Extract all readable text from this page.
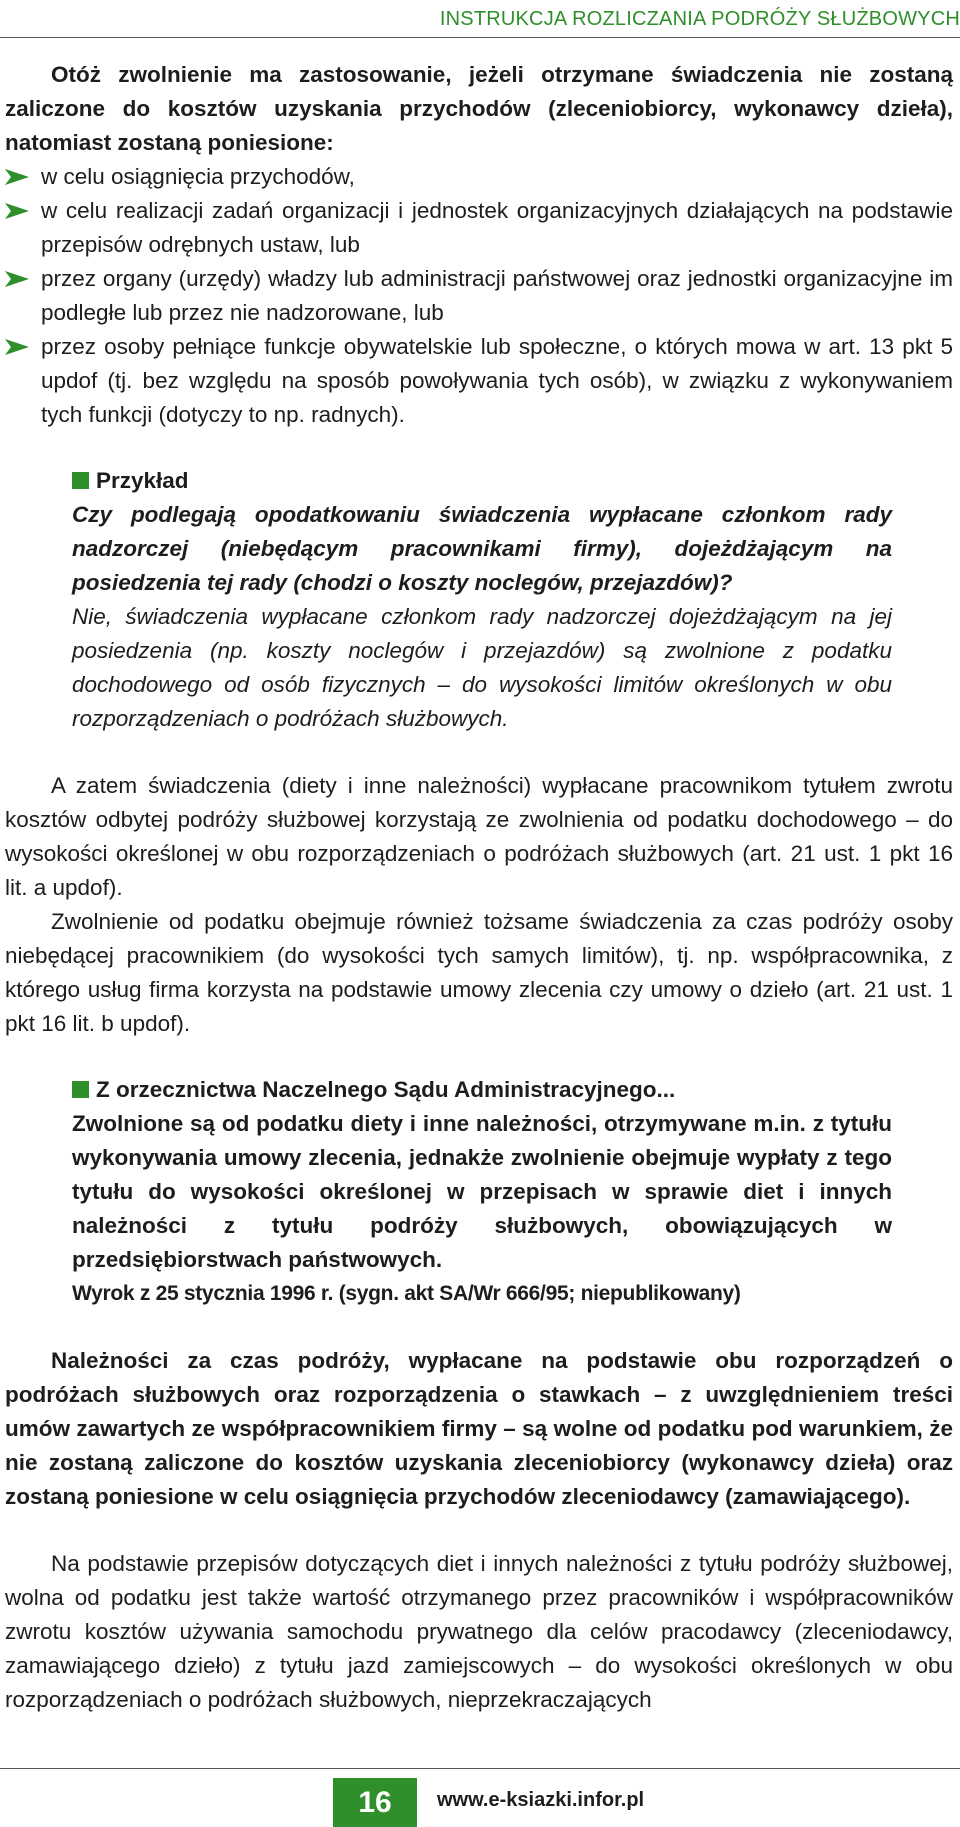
INSTRUKCJA ROZLICZANIA PODRÓŻY SŁUŻBOWYCH

Otóż zwolnienie ma zastosowanie, jeżeli otrzymane świadczenia nie zostaną zaliczone do kosztów uzyskania przychodów (zleceniobiorcy, wykonawcy dzieła), natomiast zostaną poniesione:

w celu osiągnięcia przychodów,
w celu realizacji zadań organizacji i jednostek organizacyjnych działających na podstawie przepisów odrębnych ustaw, lub
przez organy (urzędy) władzy lub administracji państwowej oraz jednostki organizacyjne im podległe lub przez nie nadzorowane, lub
przez osoby pełniące funkcje obywatelskie lub społeczne, o których mowa w art. 13 pkt 5 updof (tj. bez względu na sposób powoływania tych osób), w związku z wykonywaniem tych funkcji (dotyczy to np. radnych).
Przykład

Czy podlegają opodatkowaniu świadczenia wypłacane członkom rady nadzorczej (niebędącym pracownikami firmy), dojeżdżającym na posiedzenia tej rady (chodzi o koszty noclegów, przejazdów)?

Nie, świadczenia wypłacane członkom rady nadzorczej dojeżdżającym na jej posiedzenia (np. koszty noclegów i przejazdów) są zwolnione z podatku dochodowego od osób fizycznych – do wysokości limitów określonych w obu rozporządzeniach o podróżach służbowych.

A zatem świadczenia (diety i inne należności) wypłacane pracownikom tytułem zwrotu kosztów odbytej podróży służbowej korzystają ze zwolnienia od podatku dochodowego – do wysokości określonej w obu rozporządzeniach o podróżach służbowych (art. 21 ust. 1 pkt 16 lit. a updof).

Zwolnienie od podatku obejmuje również tożsame świadczenia za czas podróży osoby niebędącej pracownikiem (do wysokości tych samych limitów), tj. np. współpracownika, z którego usług firma korzysta na podstawie umowy zlecenia czy umowy o dzieło (art. 21 ust. 1 pkt 16 lit. b updof).

Z orzecznictwa Naczelnego Sądu Administracyjnego...

Zwolnione są od podatku diety i inne należności, otrzymywane m.in. z tytułu wykonywania umowy zlecenia, jednakże zwolnienie obejmuje wypłaty z tego tytułu do wysokości określonej w przepisach w sprawie diet i innych należności z tytułu podróży służbowych, obowiązujących w przedsiębiorstwach państwowych.

Wyrok z 25 stycznia 1996 r. (sygn. akt SA/Wr 666/95; niepublikowany)

Należności za czas podróży, wypłacane na podstawie obu rozporządzeń o podróżach służbowych oraz rozporządzenia o stawkach – z uwzględnieniem treści umów zawartych ze współpracownikiem firmy – są wolne od podatku pod warunkiem, że nie zostaną zaliczone do kosztów uzyskania zleceniobiorcy (wykonawcy dzieła) oraz zostaną poniesione w celu osiągnięcia przychodów zleceniodawcy (zamawiającego).

Na podstawie przepisów dotyczących diet i innych należności z tytułu podróży służbowej, wolna od podatku jest także wartość otrzymanego przez pracowników i współpracowników zwrotu kosztów używania samochodu prywatnego dla celów pracodawcy (zleceniodawcy, zamawiającego dzieło) z tytułu jazd zamiejscowych – do wysokości określonych w obu rozporządzeniach o podróżach służbowych, nieprzekraczających

16	www.e-ksiazki.infor.pl
